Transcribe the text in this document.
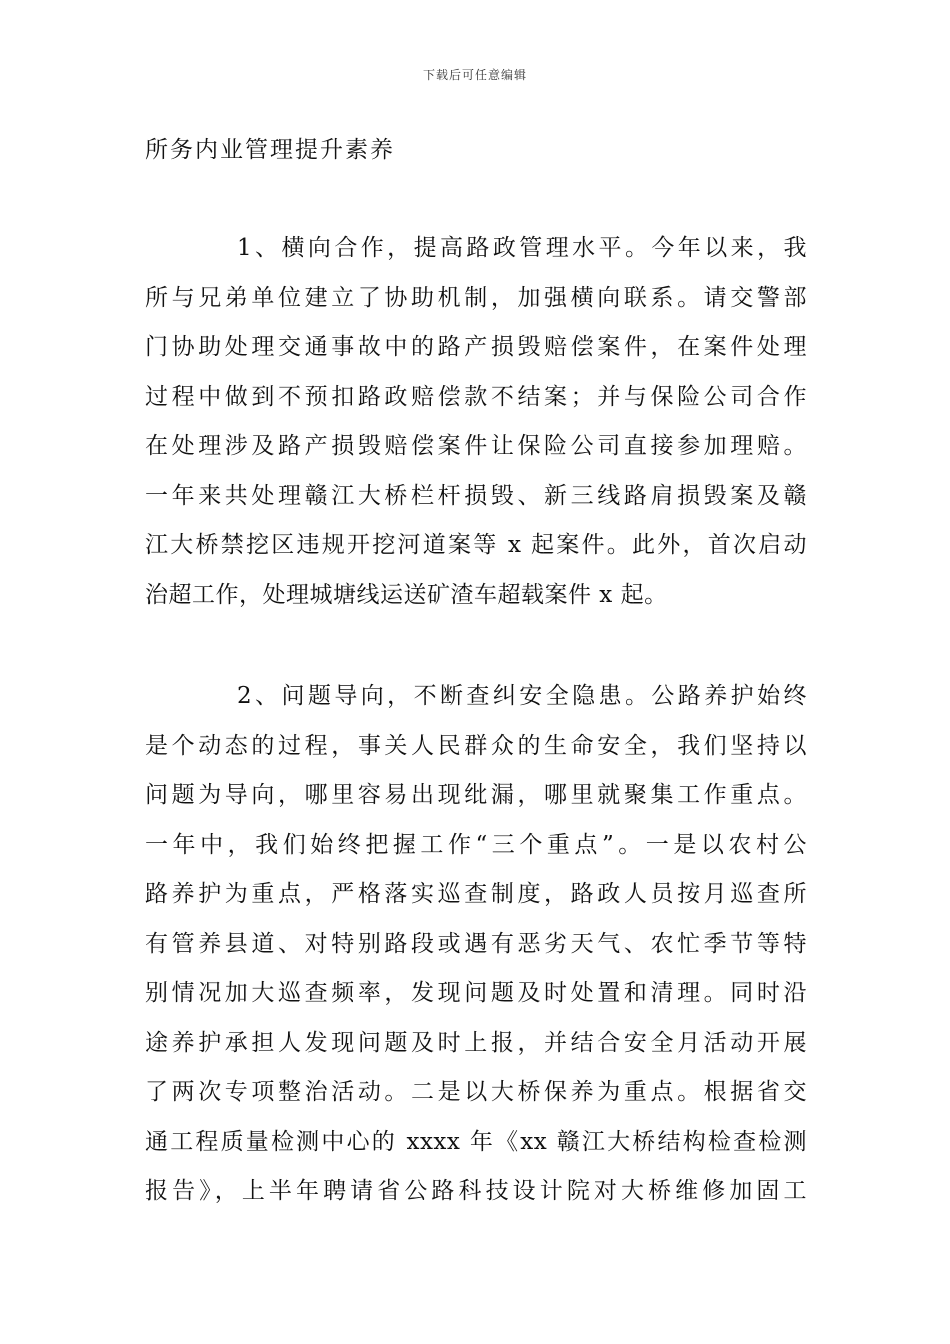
下载后可任意编辑
所务内业管理提升素养
1、横向合作，提高路政管理水平。今年以来，我
所与兄弟单位建立了协助机制，加强横向联系。请交警部
门协助处理交通事故中的路产损毁赔偿案件，在案件处理
过程中做到不预扣路政赔偿款不结案；并与保险公司合作
在处理涉及路产损毁赔偿案件让保险公司直接参加理赔。
一年来共处理赣江大桥栏杆损毁、新三线路肩损毁案及赣
江大桥禁挖区违规开挖河道案等 x 起案件。此外，首次启动
治超工作，处理城塘线运送矿渣车超载案件 x 起。
2、问题导向，不断查纠安全隐患。公路养护始终
是个动态的过程，事关人民群众的生命安全，我们坚持以
问题为导向，哪里容易出现纰漏，哪里就聚集工作重点。
一年中，我们始终把握工作“三个重点”。一是以农村公
路养护为重点，严格落实巡查制度，路政人员按月巡查所
有管养县道、对特别路段或遇有恶劣天气、农忙季节等特
别情况加大巡查频率，发现问题及时处置和清理。同时沿
途养护承担人发现问题及时上报，并结合安全月活动开展
了两次专项整治活动。二是以大桥保养为重点。根据省交
通工程质量检测中心的 xxxx 年《xx 赣江大桥结构检查检测
报告》，上半年聘请省公路科技设计院对大桥维修加固工
